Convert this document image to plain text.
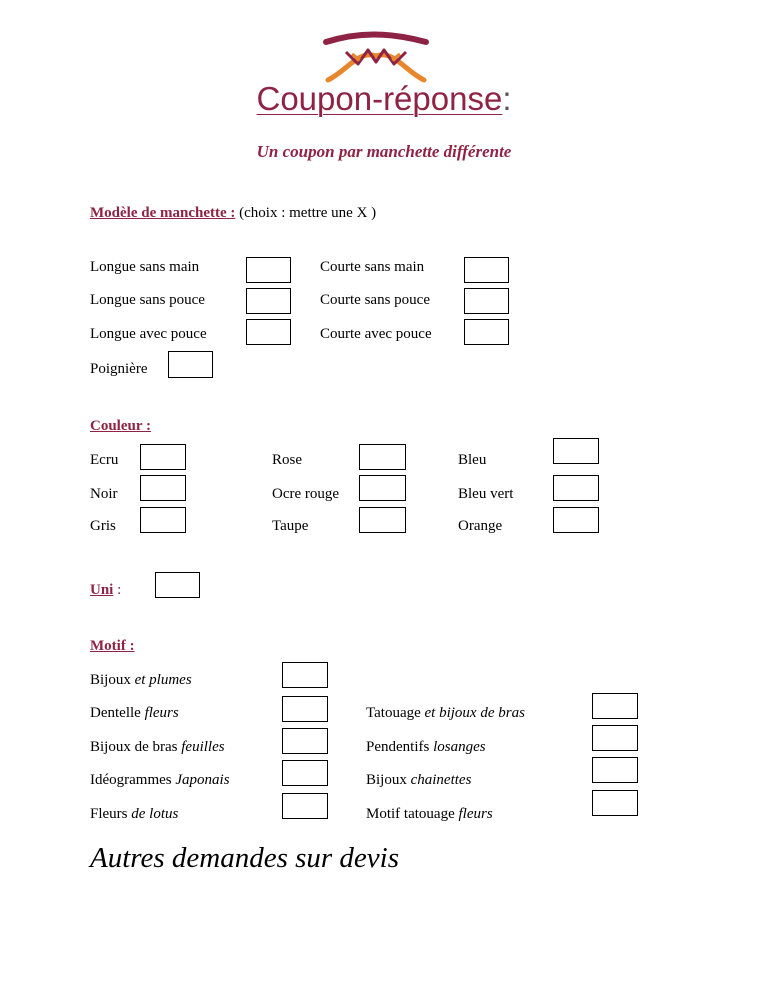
Coupon-réponse:
Un coupon par manchette différente
Modèle de manchette : (choix : mettre une X )
Longue sans main
Longue sans pouce
Longue avec pouce
Courte sans main
Courte sans pouce
Courte avec pouce
Poignière
Couleur :
Ecru
Noir
Gris
Rose
Ocre rouge
Taupe
Bleu
Bleu vert
Orange
Uni :
Motif :
Bijoux et plumes
Dentelle fleurs
Bijoux de bras feuilles
Idéogrammes Japonais
Fleurs de lotus
Tatouage et bijoux de bras
Pendentifs losanges
Bijoux chainettes
Motif tatouage fleurs
Autres demandes sur devis
